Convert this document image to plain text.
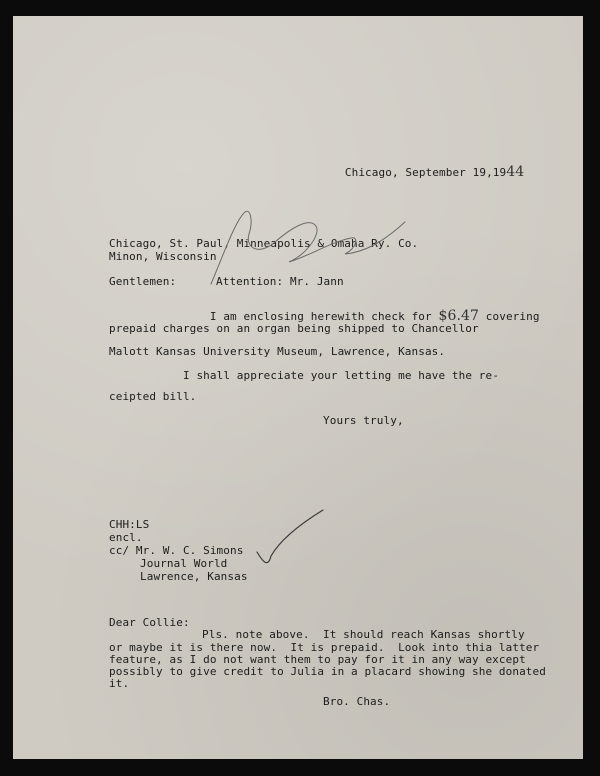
Chicago, September 19,1944

Chicago, St. Paul, Minneapolis & Omaha Ry. Co.
Minon, Wisconsin
Gentlemen:	Attention: Mr. Jann

I am enclosing herewith check for $6.47 covering

prepaid charges on an organ being shipped to Chancellor
Malott Kansas University Museum, Lawrence, Kansas.
I shall appreciate your letting me have the re-
ceipted bill.
Yours truly,
CHH:LS
encl.
cc/ Mr. W. C. Simons
Journal World
Lawrence, Kansas
Dear Collie:
Pls. note above.  It should reach Kansas shortly
or maybe it is there now.  It is prepaid.  Look into thia latter
feature, as I do not want them to pay for it in any way except
possibly to give credit to Julia in a placard showing she donated
it.
Bro. Chas.
